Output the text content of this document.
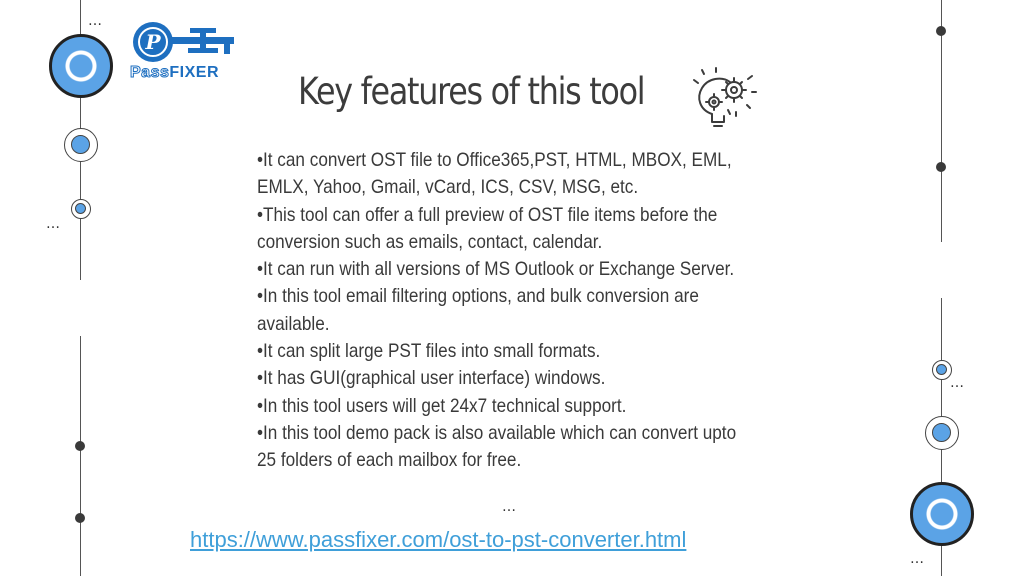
…
…
…
…
P
PassFIXER Key features of this tool

•It can convert OST file to Office365,PST, HTML, MBOX, EML, EMLX, Yahoo, Gmail, vCard, ICS, CSV, MSG, etc.

•This tool can offer a full preview of OST file items before the conversion such as emails, contact, calendar.

•It can run with all versions of MS Outlook or Exchange Server.

•In this tool email filtering options, and bulk conversion are available.

•It can split large PST files into small formats.

•It has GUI(graphical user interface) windows.

•In this tool users will get 24x7 technical support.

•In this tool demo pack is also available which can convert upto 25 folders of each mailbox for free.

…
https://www.passfixer.com/ost-to-pst-converter.html
